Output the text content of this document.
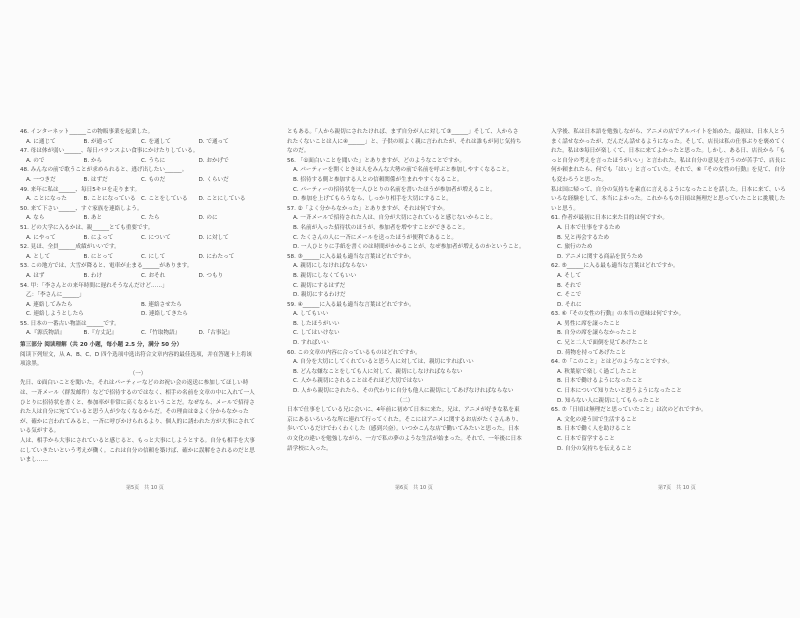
46. インターネット______この物販事業を起業した。

A. に通じて	B. が通って	C. を通して	D. で通って

47. 母は体が弱い______、毎日バランスよい食事にかけたりしている。

A. ので	B. から	C. うちに	D. おかげで

48. みんなの前で歌うことが求められると、逃げ出したい______。

A. 一つきだ	B. はずだ	C. ものだ	D. くらいだ

49. 来年に私は______、毎日5キロを走ります。

A. ことになった	B. ことになっている C. ことをしている	D. ことにしている

50. 来て下さい______、すぐ家族を連絡しよう。

A. なら	B. あと	C. たら	D. のに

51. どの大学に入るかは、親______とても重要です。

A. にやって	B. によって	C. について	D. に対して

52. 見ほ、全員______成績がいいです。

A. として	B. にとって	C. にして	D. にわたって

53. この地方では、大雪が降ると、電車が止まる______があります。

A. はず	B. わけ	C. おそれ	D. つもり

54. 甲：「李さんとの来年時間に遅れそうなんだけど……」

乙：「李さんに______」

A. 連絡してみたら	B. 連絡させたら
C. 連絡しようとしたら	D. 連絡してきたら

55. 日本の一番古い物語は______です。

A.『源氏物語』	B.『方丈記』	C.『竹取物語』	D.『古事記』

第三部分 阅读理解（共 20 小题，每小题 2.5 分，满分 50 分）

阅读下列短文，从 A、B、C、D 四个选项中选出符合文章内容的最佳选项，并在答题卡上将该项涂黑。

（一）

先日、①面白いことを聞いた。それはパーティーなどのお祝い会の返送に参加してほしい時は、一斉メール（群发邮件）などで招待するのではなく、相手の名前を文章の中に入れて一人ひとりに招待状を書くと、参加率が非常に高くなるということだ。なぜなら、メールで招待された人は自分に宛てていると思う人が少なくなるからだ。その理由は②よく分からなかったが、確かに言われてみると、一斉に呼びかけられるより、個人的に誘われた方が大事にされている気がする。

人は、相手から大事にされていると感じると、もっと大事にしようとする。自分も相手を大事にしていきたいという考えが働く。これは自分の信頼を築けば、確かに誤解をされるのだと思いまし……

ともある。「人から親切にされたければ、まず自分が人に対して③______」そして、人からされたくないことは人に④______」と、子供の頃よく親に言われたが、それは誰もが同じ気持ちなのだ。

56. 「①面白いことを聞いた」とありますが、どのようなことですか。

A. パーティーを開くときは人をみんな大勢の前で名前を呼ぶと参加しやすくなること。

B. 招待する側と参加する人との信頼関係が生まれやすくなること。

C. パーティーの招待状を一人ひとりの名前を書いたほうが参加者が増えること。

D. 参加を上げてもらうなら、しっかり相手を大切にすること。

57. ②「よく分からなかった」とありますが、それは何ですか。

A. 一斉メールで招待された人は、自分が大切にされていると感じないからこと。

B. 名前が入った招待状のほうが、参加者を増やすことができること。

C. たくさんの人に一斉にメールを送ったほうが便利であること。

D. 一人ひとりに手紙を書くのは時間がかかることが、なぜ参加者が増えるのかということ。

58. ③______に入る最も適当な言葉はどれですか。

A. 親切にしなければならない

B. 親切にしなくてもいい

C. 親切にするはずだ

D. 親切にするわけだ

59. ④______に入る最も適当な言葉はどれですか。

A. してもいい

B. したほうがいい

C. してはいけない

D. すればいい

60. この文章の内容に合っているものはどれですか。

A. 自分を大切にしてくれていると思う人に対しては、親切にすればいい

B. どんな嫌なことをしても人に対して、親切にしなければならない

C. 人から親切にされることはそれほど大切ではない

D. 人から親切にされたら、その代わりに自分も他人に親切にしてあげなければならない

（二）

日本で仕事をしている兄に会いに、4年前に初めて日本に来た。兄は、アニメが好きな私を東京にあるいろいろな所に連れて行ってくれた。そこにはアニメに関するお店がたくさんあり、歩いているだけでわくわくした（感到兴奋）。いつかこんな店で働いてみたいと思った。日本の文化の違いを勉強しながら、一方で私の夢のような生活が始まった。それで、一年後に日本語学校に入った。

入学後、私は日本語を勉強しながら、アニメの店でアルバイトを始めた。最初は、日本人とうまく話せなかったが、だんだん話せるようになった。そして、店長は私の仕事ぶりを褒めてくれた。私は⑤毎日が楽しくて、日本に来てよかったと思った。しかし、ある日、店長から「もっと自分の考えを言ったほうがいい」と言われた。私は自分の意見を言うのが苦手で、店長に何か頼まれたら、何でも「はい」と言っていた。それで、⑥『その女性の行動』を見て、自分も変わろうと思った。

私は国に帰って、自分の気持ちを素直に言えるようになったことを話した。日本に来て、いろいろな経験をして、本当によかった。これからも⑦日頃は無理だと思っていたことに挑戦したいと思う。

61. 作者が最初に日本に来た目的は何ですか。

A. 日本で仕事をするため

B. 兄と再会するため

C. 旅行のため

D. アニメに関する商品を買うため

62. ⑤______に入る最も適当な言葉はどれですか。

A. そして

B. それで

C. そこで

D. それに

63. ⑥『その女性の行動』の本当の意味は何ですか。

A. 男性に席を譲ったこと

B. 自分の席を譲らなかったこと

C. 兄と二人で面倒を見てあげたこと

D. 荷物を持ってあげたこと

64. ⑦「このこと」とはどのようなことですか。

A. 秋葉原で楽しく過ごしたこと

B. 日本で働けるようになったこと

C. 日本について知りたいと思うようになったこと

D. 知らない人に親切にしてもらったこと

65. ⑦「日頃は無理だと思っていたこと」は次のどれですか。

A. 文化の違う国で生活すること

B. 日本で働く人を助けること

C. 日本で留学すること

D. 自分の気持ちを伝えること

第5页　共 10 页	第6页　共 10 页	第7页　共 10 页
